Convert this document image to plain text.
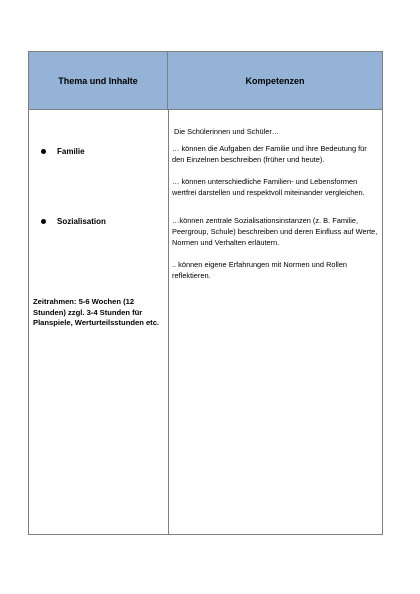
Thema und Inhalte	Kompetenzen
Familie
Sozialisation
Zeitrahmen: 5-6 Wochen (12 Stunden) zzgl. 3-4 Stunden für Planspiele, Werturteilsstunden etc.
Die Schülerinnen und Schüler…
… können die Aufgaben der Familie und ihre Bedeutung für den Einzelnen beschreiben (früher und heute).
… können unterschiedliche Familien- und Lebensformen wertfrei darstellen und respektvoll miteinander vergleichen.
…können zentrale Sozialisationsinstanzen (z. B. Familie, Peergroup, Schule) beschreiben und deren Einfluss auf Werte, Normen und Verhalten erläutern.
.. können eigene Erfahrungen mit Normen und Rollen reflektieren.
